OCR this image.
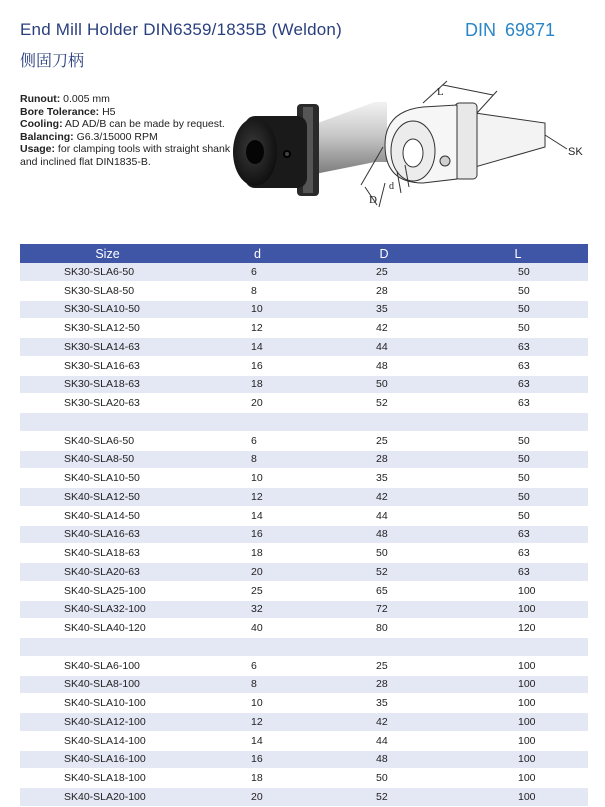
End Mill Holder DIN6359/1835B (Weldon)
侧固刀柄
DIN 69871
Runout: 0.005 mm
Bore Tolerance: H5
Cooling: AD AD/B can be made by request.
Balancing: G6.3/15000 RPM
Usage: for clamping tools with straight shank and inclined flat DIN1835-B.
L
D
d
SK
Size	d	D	L
SK30-SLA6-50	6	25	50
SK30-SLA8-50	8	28	50
SK30-SLA10-50	10	35	50
SK30-SLA12-50	12	42	50
SK30-SLA14-63	14	44	63
SK30-SLA16-63	16	48	63
SK30-SLA18-63	18	50	63
SK30-SLA20-63	20	52	63

SK40-SLA6-50	6	25	50
SK40-SLA8-50	8	28	50
SK40-SLA10-50	10	35	50
SK40-SLA12-50	12	42	50
SK40-SLA14-50	14	44	50
SK40-SLA16-63	16	48	63
SK40-SLA18-63	18	50	63
SK40-SLA20-63	20	52	63
SK40-SLA25-100	25	65	100
SK40-SLA32-100	32	72	100
SK40-SLA40-120	40	80	120

SK40-SLA6-100	6	25	100
SK40-SLA8-100	8	28	100
SK40-SLA10-100	10	35	100
SK40-SLA12-100	12	42	100
SK40-SLA14-100	14	44	100
SK40-SLA16-100	16	48	100
SK40-SLA18-100	18	50	100
SK40-SLA20-100	20	52	100
